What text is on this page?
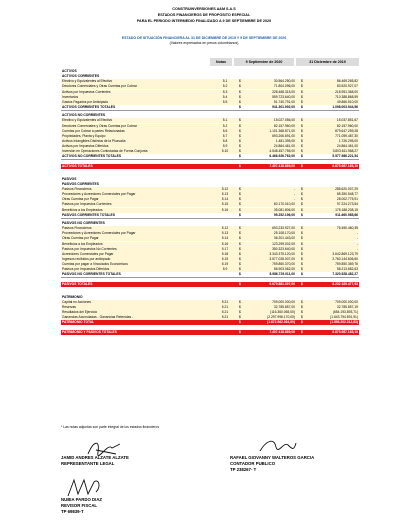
CONSTRUINVERSIONES A&M S.A.S
ESTADOS FINANCIEROS DE PROPÓSITO ESPECIAL
PARA EL PERIODO INTERMEDIO FINALIZADO A 9 DE SEPTIEMBRE DE 2020
ESTADO DE SITUACIÓN FINANCIERA AL 31 DE DICIEMBRE DE 2019 Y 9 DE SEPTIEMBRE DE 2020
(Valores expresados en pesos colombianos)
Notas	9 Septiembre de 2020	31 Diciembre de 2019
ACTIVOS
ACTIVOS CORRIENTES
Efectivo y Equivalentes al Efectivo	5.1	$	30.564.250,00 $	86.469.265,82
Deudores Comerciales y Otras Cuentas por Cobrar	5.2	$	71.804.096,00 $	83.520.927,07
Activos por Impuestos Corrientes	5.3	$	228.468.315,00 $	218.951.368,00
Inventarios	5.4	$	559.723.640,00 $	710.388.868,59
Gastos Pagados por Anticipado	5.5	$	51.740.791,00 $	49.866.510,00
ACTIVOS CORRIENTES TOTALES	$	941.301.092,00 $	1.098.003.944,56
ACTIVOS NO CORRIENTES
Efectivo y Equivalentes al Efectivo	5.1	$	15.027.056,00 $	15.037.851,67
Deudores Comerciales y Otras Cuentas por Cobrar	5.2	$	82.157.960,00 $	82.157.960,00
Cuentas por Cobrar a partes Relacionadas	5.6	$	1.101.368.871,00 $	879.647.259,28
Propiedades, Planta y Equipo	5.7	$	693.206.691,00 $	771.059.487,30
Activos Intangibles Distintos de la Plusvalía	5.8	$	1.481.395,00 $	1.726.295,00
Activos por Impuestos Diferidos	5.9	$	24.864.461,00 $	24.864.461,00
Inversión en Operaciones Controladas de Forma Conjunta	5.10	$	4.548.457.755,00 $	3.803.611.968,27
ACTIVOS NO CORRIENTES TOTALES	$	6.466.926.762,00 $	5.577.986.221,54
ACTIVOS TOTALES	$	7.407.418.869,00 $	6.675.987.165,10
PASIVOS
PASIVOS CORRIENTES
Pasivos Financieros	5.12	$	- $	285.620.007,29
Proveedores y Acreedores Comerciales por Pagar	5.13	$	- $	85.350.548,77
Otras Cuentas por Pagar	5.14	$	- $	28.002.775,91
Pasivos por Impuestos Corrientes	5.15	$	60.170.010,00 $	97.224.273,54
Beneficios a los Empleados	5.16	$	35.081.806,00 $	175.188.208,15
PASIVOS CORRIENTES TOTALES	$	95.252.196,00 $	911.660.985,66
PASIVOS NO CORRIENTES
Pasivos Financieros	5.12	$	693.233.927,00 $	76.450.460,35
Proveedores y Acreedores Comerciales por Pagar	5.13	$	25.108.170,00 $	-
Otras Cuentas por Pagar	5.14	$	36.201.443,00 $	-
Beneficios a los Empleados	5.16	$	123.299.002,00 $	-
Pasivos por Impuestos No Corrientes	5.17	$	350.323.640,00 $	-
Acreedores Comerciales por Pagar	5.18	$	3.343.375.120,00 $	3.642.869.123,79
Ingresos recibidos por anticipado	5.19	$	3.577.028.007,00 $	2.760.144.606,60
Cuentas por pagar a Vinculados Económicos	5.19	$	759.850.370,00 $	759.850.369,76
Pasivos por Impuestos Diferidos	5.9	$	56.903.062,00 $	58.213.682,63
PASIVOS NO CORRIENTES TOTALES	$	8.986.729.011,00 $	7.320.528.482,27
PASIVOS TOTALES	$	9.079.881.307,00 $	8.232.189.477,93
PATRIMONIO
Capital en Acciones	5.21	$	709.000.000,00 $	709.000.000,00
Reservas	5.21	$	32.785.857,00 $	32.785.857,19
Resultados del Ejercicio	5.21	$	(116.360.065,00) $	(654.193.893,71)
Ganancias Acumuladas - Ganancias Retenidas -	5.21	$	(2.297.998.170,00) $	(1.643.794.591,91)
PATRIMONIO TOTAL	$	(1.672.562.364,00) $	(1.556.202.312,83)
PATRIMONIO Y PASIVOS TOTALES	$	7.407.418.869,00 $	6.675.987.165,10
* Las notas adjuntas son parte integral de los estados financieros
JAMID ANDRES ALZATE ALZATE
REPRESENTANTE LEGAL
RAFAEL GIOVANNY WALTEROS GARCIA
CONTADOR PUBLICO
TP 238267- T
NUBIA PARDO DIAZ
REVISOR FISCAL
TP 69839-T
